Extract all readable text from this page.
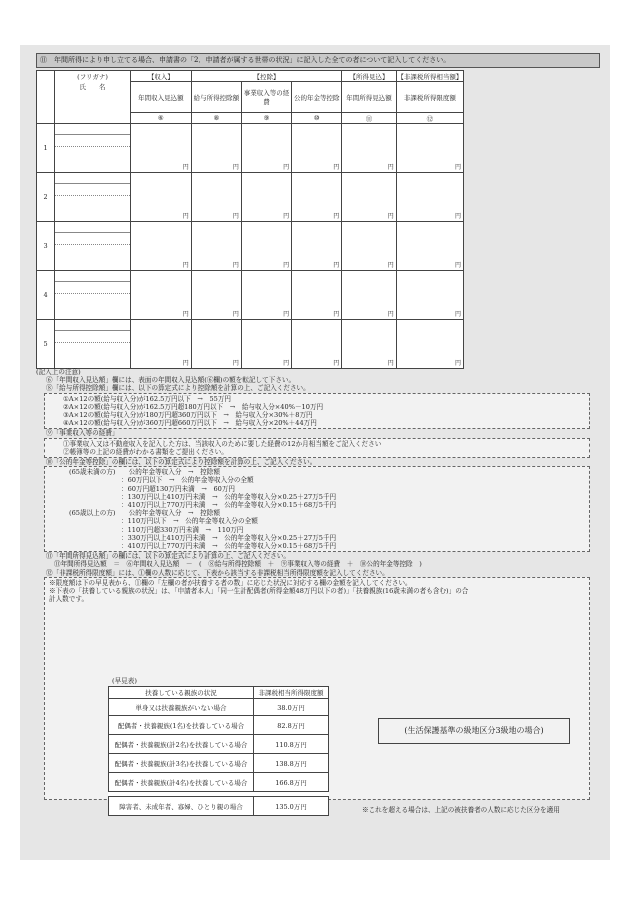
⑪　年間所得により申し立てる場合、申請書の「2．申請者が属する世帯の状況」に記入した全ての者について記入してください。
	(フリガナ)	【収入】	【控除】			【所得見込】	【非課税所得相当額】
	氏　　名	年間収入見込額	給与所得控除額	事業収入等の経費	公的年金等控除	年間所得見込額	非課税所得限度額
		⑥	⑧	⑨	⑩	⑪	⑫
1		円	円	円	円	円	円

2		円	円	円	円	円	円

3		円	円	円	円	円	円

4		円	円	円	円	円	円

5		円	円	円	円	円	円
(記入上の注意)
⑥「年間収入見込額」欄には、表面の年間収入見込額(⑥欄)の額を転記して下さい。
⑧「給与所得控除額」欄には、以下の算定式により控除額を計算の上、ご記入ください。
①A×12の額(給与収入分)が162.5万円以下　→　55万円
②A×12の額(給与収入分)が162.5万円超180万円以下　→　給与収入分×40%－10万円
③A×12の額(給与収入分)が180万円超360万円以下　→　給与収入分×30%＋8万円
④A×12の額(給与収入分)が360万円超660万円以下　→　給与収入分×20%＋44万円
⑨「事業収入等の経費」
①事業収入又は不動産収入を記入した方は、当該収入のために要した経費の12か月相当額をご記入ください
②帳簿等の上記の経費がわかる書類をご提出ください。
⑩「公的年金等控除」の欄には、以下の算定式により控除額を計算の上、ご記入ください。
(65歳未満の方)　　公的年金等収入分　→　控除額
：60万円以下　→　公的年金等収入分の全額
：60万円超130万円未満　→　60万円
：130万円以上410万円未満　→　公的年金等収入分×0.25＋27万5千円
：410万円以上770万円未満　→　公的年金等収入分×0.15＋68万5千円
(65歳以上の方)　　公的年金等収入分　→　控除額
：110万円以下　→　公的年金等収入分の全額
：110万円超330万円未満　→　110万円
：330万円以上410万円未満　→　公的年金等収入分×0.25＋27万5千円
：410万円以上770万円未満　→　公的年金等収入分×0.15＋68万5千円
⑪「年間所得見込額」の欄には、以下の算定式により計算の上、ご記入ください。
⑪年間所得見込額　＝　⑥年間収入見込額　－　(　⑧給与所得控除額　＋　⑨事業収入等の経費　＋　⑩公的年金等控除　)
⑫「非課税所得限度額」には、①欄の人数に応じて、下表から該当する非課税相当所得限度額を記入してください。
※限度額は下の早見表から、①欄の「左欄の者が扶養する者の数」に応じた状況に対応する欄の金額を記入してください。
※下表の「扶養している親族の状況」は、「申請者本人」「同一生計配偶者(所得金額48万円以下の者)」「扶養親族(16歳未満の者も含む)」の合
計人数です。
(早見表)
扶養している親族の状況	非課税相当所得限度額
単身又は扶養親族がいない場合	38.0万円
配偶者・扶養親族(1名)を扶養している場合	82.8万円
配偶者・扶養親族(計2名)を扶養している場合	110.8万円
配偶者・扶養親族(計3名)を扶養している場合	138.8万円
配偶者・扶養親族(計4名)を扶養している場合	166.8万円

障害者、未成年者、寡婦、ひとり親の場合	135.0万円
(生活保護基準の級地区分3級地の場合)
※これを超える場合は、上記の被扶養者の人数に応じた区分を適用
